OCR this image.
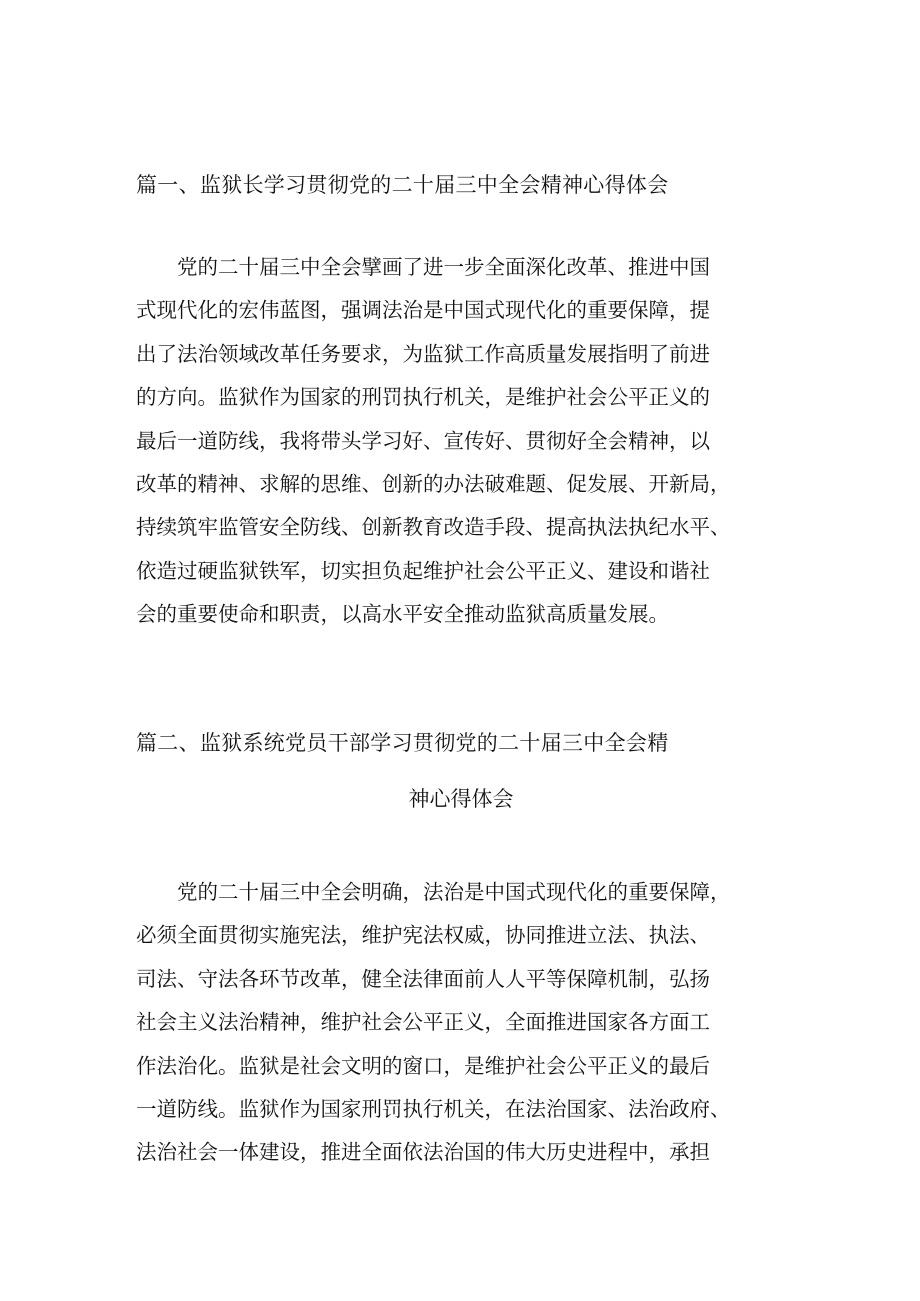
篇一、监狱长学习贯彻党的二十届三中全会精神心得体会
　　党的二十届三中全会擘画了进一步全面深化改革、推进中国
式现代化的宏伟蓝图，强调法治是中国式现代化的重要保障，提
出了法治领域改革任务要求，为监狱工作高质量发展指明了前进
的方向。监狱作为国家的刑罚执行机关，是维护社会公平正义的
最后一道防线，我将带头学习好、宣传好、贯彻好全会精神，以
改革的精神、求解的思维、创新的办法破难题、促发展、开新局，
持续筑牢监管安全防线、创新教育改造手段、提高执法执纪水平、
依造过硬监狱铁军，切实担负起维护社会公平正义、建设和谐社
会的重要使命和职责，以高水平安全推动监狱高质量发展。
篇二、监狱系统党员干部学习贯彻党的二十届三中全会精
神心得体会
　　党的二十届三中全会明确，法治是中国式现代化的重要保障，
必须全面贯彻实施宪法，维护宪法权威，协同推进立法、执法、
司法、守法各环节改革，健全法律面前人人平等保障机制，弘扬
社会主义法治精神，维护社会公平正义，全面推进国家各方面工
作法治化。监狱是社会文明的窗口，是维护社会公平正义的最后
一道防线。监狱作为国家刑罚执行机关，在法治国家、法治政府、
法治社会一体建设，推进全面依法治国的伟大历史进程中，承担
